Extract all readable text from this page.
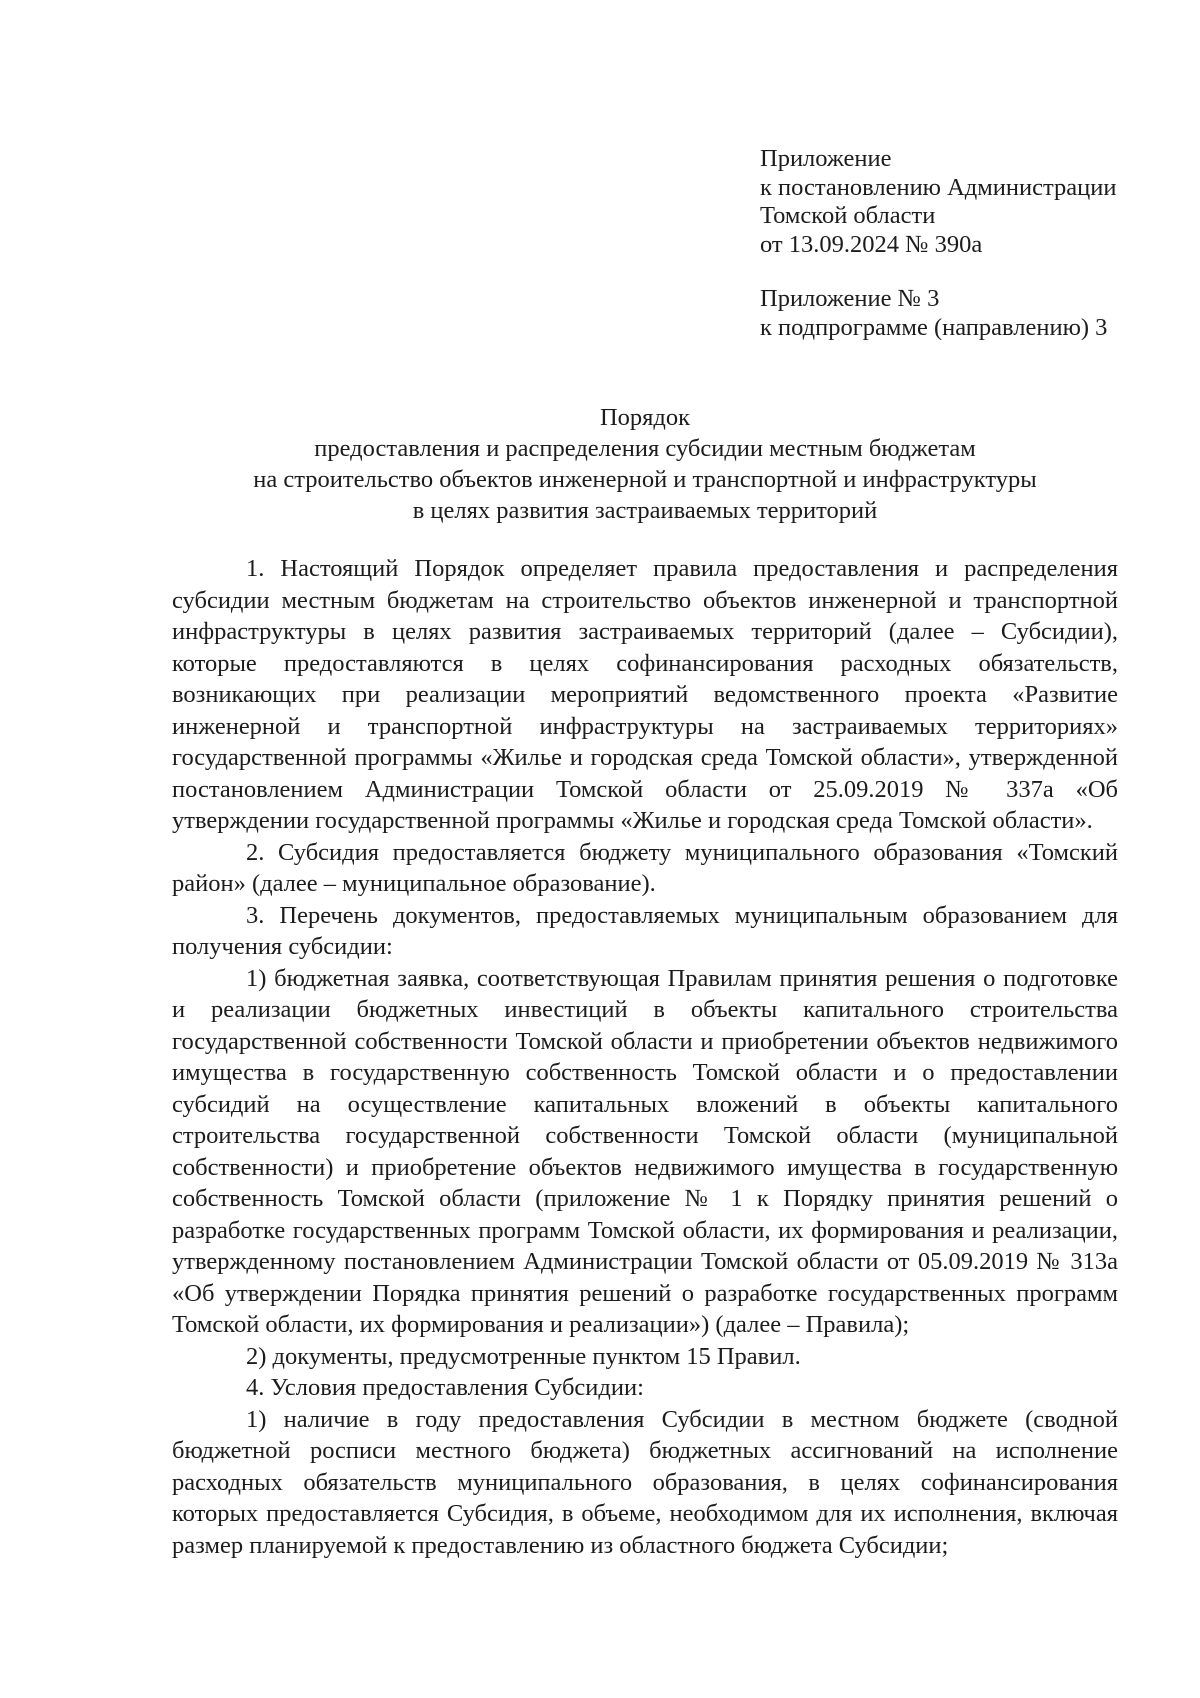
Приложение
к постановлению Администрации
Томской области
от 13.09.2024 № 390а
Приложение № 3
к подпрограмме (направлению) 3
Порядок
предоставления и распределения субсидии местным бюджетам
на строительство объектов инженерной и транспортной и инфраструктуры
в целях развития застраиваемых территорий

1. Настоящий Порядок определяет правила предоставления и распределения субсидии местным бюджетам на строительство объектов инженерной и транспортной инфраструктуры в целях развития застраиваемых территорий (далее – Субсидии), которые предоставляются в целях софинансирования расходных обязательств, возникающих при реализации мероприятий ведомственного проекта «Развитие инженерной и транспортной инфраструктуры на застраиваемых территориях» государственной программы «Жилье и городская среда Томской области», утвержденной постановлением Администрации Томской области от 25.09.2019 № 337а «Об утверждении государственной программы «Жилье и городская среда Томской области».

2. Субсидия предоставляется бюджету муниципального образования «Томский район» (далее – муниципальное образование).

3. Перечень документов, предоставляемых муниципальным образованием для получения субсидии:

1) бюджетная заявка, соответствующая Правилам принятия решения о подготовке и реализации бюджетных инвестиций в объекты капитального строительства государственной собственности Томской области и приобретении объектов недвижимого имущества в государственную собственность Томской области и о предоставлении субсидий на осуществление капитальных вложений в объекты капитального строительства государственной собственности Томской области (муниципальной собственности) и приобретение объектов недвижимого имущества в государственную собственность Томской области (приложение № 1 к Порядку принятия решений о разработке государственных программ Томской области, их формирования и реализации, утвержденному постановлением Администрации Томской области от 05.09.2019 № 313а «Об утверждении Порядка принятия решений о разработке государственных программ Томской области, их формирования и реализации») (далее – Правила);

2) документы, предусмотренные пунктом 15 Правил.

4. Условия предоставления Субсидии:

1) наличие в году предоставления Субсидии в местном бюджете (сводной бюджетной росписи местного бюджета) бюджетных ассигнований на исполнение расходных обязательств муниципального образования, в целях софинансирования которых предоставляется Субсидия, в объеме, необходимом для их исполнения, включая размер планируемой к предоставлению из областного бюджета Субсидии;
